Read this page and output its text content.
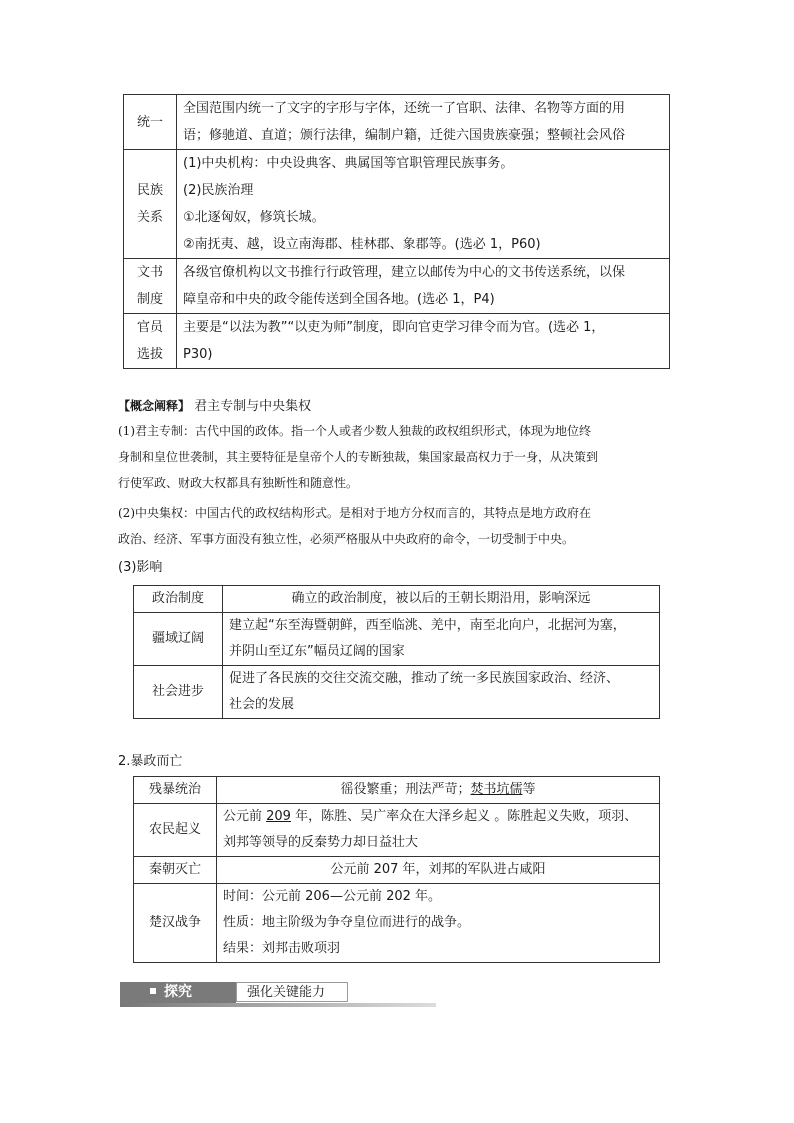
统一	全国范围内统一了文字的字形与字体，还统一了官职、法律、名物等方面的用
语；修驰道、直道；颁行法律，编制户籍，迁徙六国贵族豪强；整顿社会风俗

民族
关系	(1)中央机构：中央设典客、典属国等官职管理民族事务。
(2)民族治理
①北逐匈奴，修筑长城。
②南抚夷、越，设立南海郡、桂林郡、象郡等。(选必 1，P60)

文书
制度	各级官僚机构以文书推行行政管理，建立以邮传为中心的文书传送系统，以保
障皇帝和中央的政令能传送到全国各地。(选必 1，P4)

官员
选拔	主要是“以法为教”“以吏为师”制度，即向官吏学习律令而为官。(选必 1，
P30)
【概念阐释】 君主专制与中央集权
(1)君主专制：古代中国的政体。指一个人或者少数人独裁的政权组织形式，体现为地位终
身制和皇位世袭制，其主要特征是皇帝个人的专断独裁，集国家最高权力于一身，从决策到
行使军政、财政大权都具有独断性和随意性。
(2)中央集权：中国古代的政权结构形式。是相对于地方分权而言的，其特点是地方政府在
政治、经济、军事方面没有独立性，必须严格服从中央政府的命令，一切受制于中央。
(3)影响
政治制度	确立的政治制度，被以后的王朝长期沿用，影响深远

疆域辽阔	建立起“东至海暨朝鲜，西至临洮、羌中，南至北向户，北据河为塞，
并阴山至辽东”幅员辽阔的国家

社会进步	促进了各民族的交往交流交融，推动了统一多民族国家政治、经济、
社会的发展
2.暴政而亡
残暴统治	徭役繁重；刑法严苛；焚书坑儒等
农民起义	公元前 209 年，陈胜、吴广率众在大泽乡起义 。陈胜起义失败，项羽、
刘邦等领导的反秦势力却日益壮大

秦朝灭亡	公元前 207 年，刘邦的军队进占咸阳
楚汉战争	时间：公元前 206—公元前 202 年。
性质：地主阶级为争夺皇位而进行的战争。
结果：刘邦击败项羽
探究	强化关键能力
